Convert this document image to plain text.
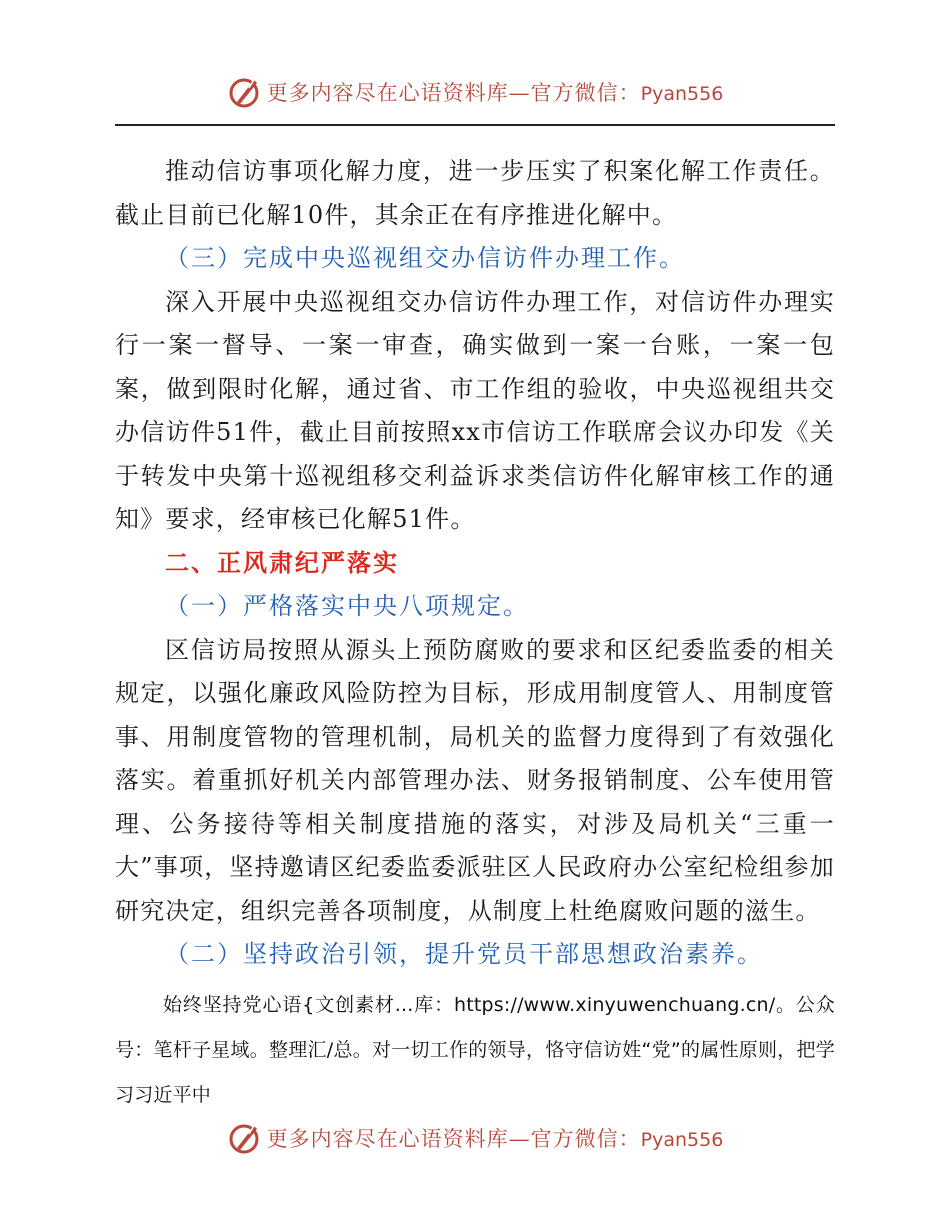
更多内容尽在心语资料库—官方微信：Pyan556

推动信访事项化解力度，进一步压实了积案化解工作责任。截止目前已化解10件，其余正在有序推进化解中。

（三）完成中央巡视组交办信访件办理工作。

深入开展中央巡视组交办信访件办理工作，对信访件办理实行一案一督导、一案一审查，确实做到一案一台账，一案一包案，做到限时化解，通过省、市工作组的验收，中央巡视组共交办信访件51件，截止目前按照xx市信访工作联席会议办印发《关于转发中央第十巡视组移交利益诉求类信访件化解审核工作的通知》要求，经审核已化解51件。

二、正风肃纪严落实

（一）严格落实中央八项规定。

区信访局按照从源头上预防腐败的要求和区纪委监委的相关规定，以强化廉政风险防控为目标，形成用制度管人、用制度管事、用制度管物的管理机制，局机关的监督力度得到了有效强化落实。着重抓好机关内部管理办法、财务报销制度、公车使用管理、公务接待等相关制度措施的落实，对涉及局机关“三重一大”事项，坚持邀请区纪委监委派驻区人民政府办公室纪检组参加研究决定，组织完善各项制度，从制度上杜绝腐败问题的滋生。

（二）坚持政治引领，提升党员干部思想政治素养。

始终坚持党心语{文创素材...库：https://www.xinyuwenchuang.cn/。公众号：笔杆子星域。整理汇/总。对一切工作的领导，恪守信访姓“党”的属性原则，把学习习近平中

更多内容尽在心语资料库—官方微信：Pyan556
